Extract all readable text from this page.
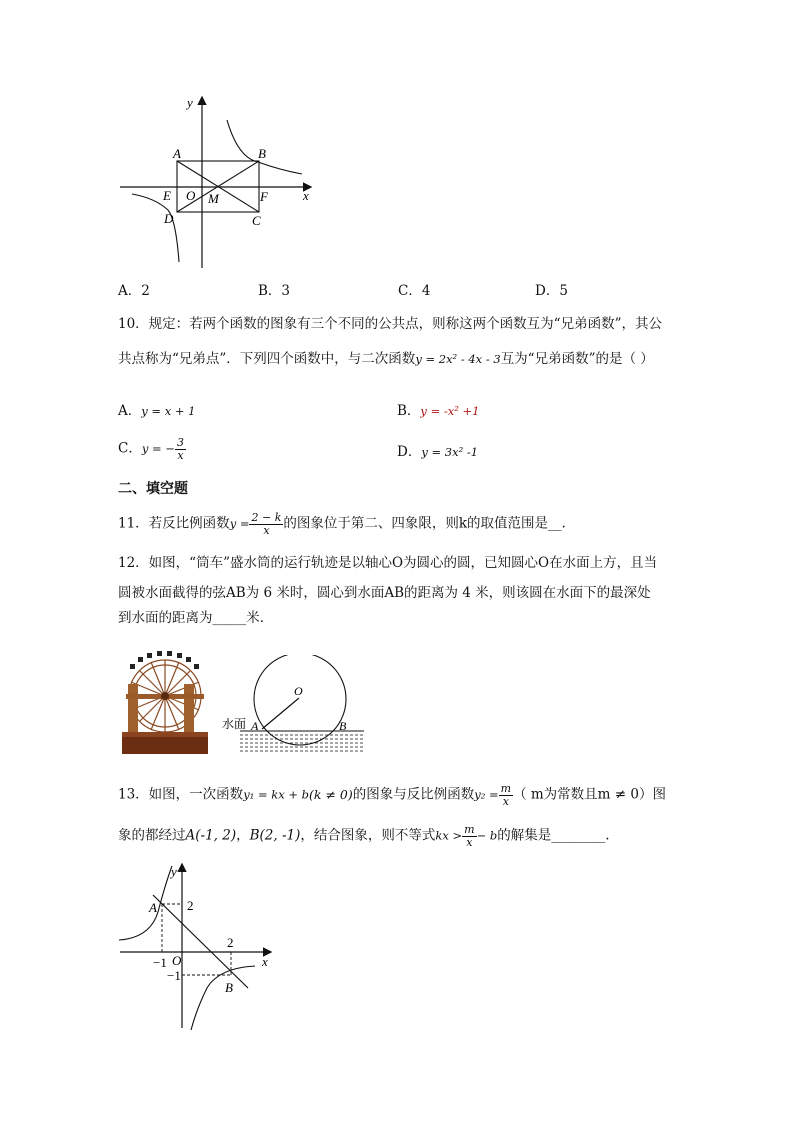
y
x
A	B
E O M	F
D	C
A．2	B．3	C．4	D．5
10．规定：若两个函数的图象有三个不同的公共点，则称这两个函数互为“兄弟函数”，其公
共点称为“兄弟点”．下列四个函数中，与二次函数y = 2x² - 4x - 3互为“兄弟函数”的是（ ）
A．y = x + 1	B．y = -x² +1
C．y = − $\frac{3}{x}$	D．y = 3x² -1
二、填空题
11．若反比例函数$y = \frac{2 - k}{x}$ 的图象位于第二、四象限，则k的取值范围是__.
12．如图，“筒车”盛水筒的运行轨迹是以轴心O为圆心的圆，已知圆心O在水面上方，且当
圆被水面截得的弦AB为 6 米时，圆心到水面AB的距离为 4 米，则该圆在水面下的最深处
到水面的距离为_____米．
水面
O
A	B
13．如图，一次函数y₁ = kx + b(k ≠ 0)的图象与反比例函数$y_2 = \frac{m}{x}$ （ m为常数且m ≠ 0）图
象的都经过A(-1, 2)，B(2, -1)，结合图象，则不等式kx > $\frac{m}{x} - b$的解集是________.
y
x
O
A
B
2
2
−1
−1
